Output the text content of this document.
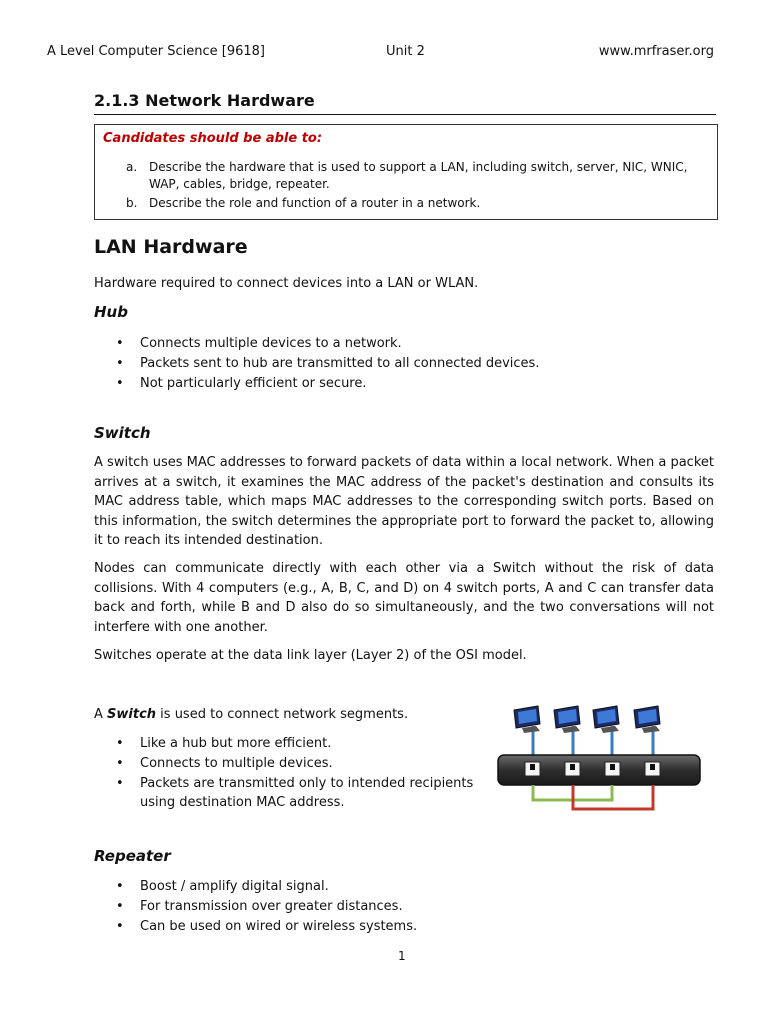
A Level Computer Science [9618]	Unit 2	www.mrfraser.org
2.1.3 Network Hardware
Candidates should be able to:
a. Describe the hardware that is used to support a LAN, including switch, server, NIC, WNIC, WAP, cables, bridge, repeater.
b. Describe the role and function of a router in a network.
LAN Hardware
Hardware required to connect devices into a LAN or WLAN.
Hub
• Connects multiple devices to a network.
• Packets sent to hub are transmitted to all connected devices.
• Not particularly efficient or secure.
Switch
A switch uses MAC addresses to forward packets of data within a local network. When a packet arrives at a switch, it examines the MAC address of the packet's destination and consults its MAC address table, which maps MAC addresses to the corresponding switch ports. Based on this information, the switch determines the appropriate port to forward the packet to, allowing it to reach its intended destination.
Nodes can communicate directly with each other via a Switch without the risk of data collisions. With 4 computers (e.g., A, B, C, and D) on 4 switch ports, A and C can transfer data back and forth, while B and D also do so simultaneously, and the two conversations will not interfere with one another.
Switches operate at the data link layer (Layer 2) of the OSI model.
A Switch is used to connect network segments.
• Like a hub but more efficient.
• Connects to multiple devices.
• Packets are transmitted only to intended recipients using destination MAC address.
Repeater
• Boost / amplify digital signal.
• For transmission over greater distances.
• Can be used on wired or wireless systems.
1
